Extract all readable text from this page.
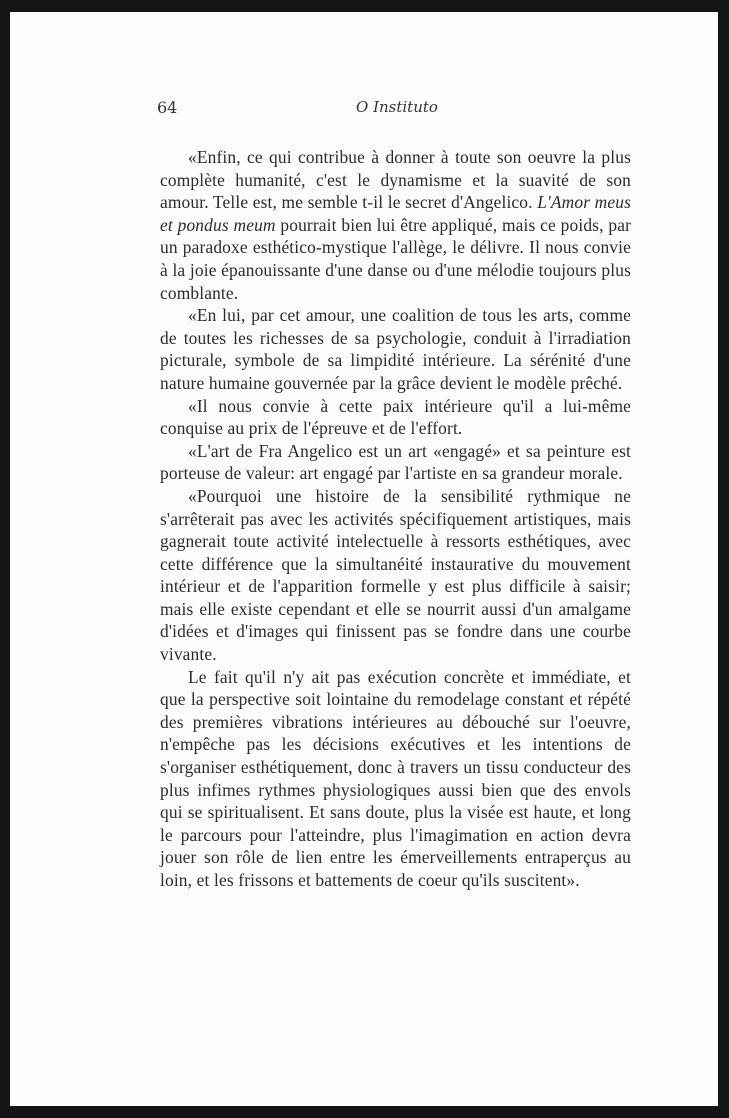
64	O Instituto

«Enfin, ce qui contribue à donner à toute son oeuvre la plus complète humanité, c'est le dynamisme et la suavité de son amour. Telle est, me semble t-il le secret d'Angelico. L'Amor meus et pondus meum pourrait bien lui être appliqué, mais ce poids, par un paradoxe esthético-mystique l'allège, le délivre. Il nous convie à la joie épanouissante d'une danse ou d'une mélodie toujours plus comblante.

«En lui, par cet amour, une coalition de tous les arts, comme de toutes les richesses de sa psychologie, conduit à l'irradiation picturale, symbole de sa limpidité intérieure. La sérénité d'une nature humaine gouvernée par la grâce devient le modèle prêché.

«Il nous convie à cette paix intérieure qu'il a lui-même conquise au prix de l'épreuve et de l'effort.

«L'art de Fra Angelico est un art «engagé» et sa peinture est porteuse de valeur: art engagé par l'artiste en sa grandeur morale.

«Pourquoi une histoire de la sensibilité rythmique ne s'arrêterait pas avec les activités spécifiquement artistiques, mais gagnerait toute activité intelectuelle à ressorts esthétiques, avec cette différence que la simultanéité instaurative du mouvement intérieur et de l'apparition formelle y est plus difficile à saisir; mais elle existe cependant et elle se nourrit aussi d'un amalgame d'idées et d'images qui finissent pas se fondre dans une courbe vivante.

Le fait qu'il n'y ait pas exécution concrète et immédiate, et que la perspective soit lointaine du remodelage constant et répété des premières vibrations intérieures au débouché sur l'oeuvre, n'empêche pas les décisions exécutives et les intentions de s'organiser esthétiquement, donc à travers un tissu conducteur des plus infimes rythmes physiologiques aussi bien que des envols qui se spiritualisent. Et sans doute, plus la visée est haute, et long le parcours pour l'atteindre, plus l'imagimation en action devra jouer son rôle de lien entre les émerveillements entraperçus au loin, et les frissons et battements de coeur qu'ils suscitent».
